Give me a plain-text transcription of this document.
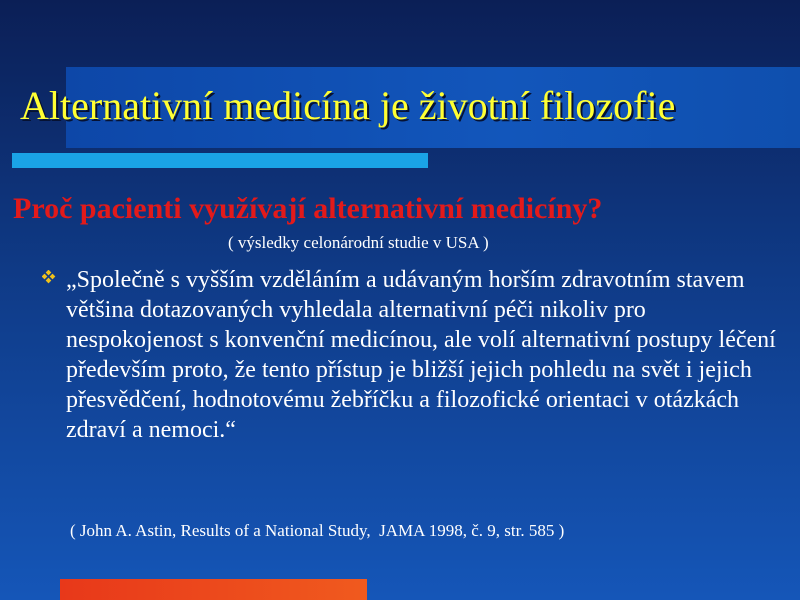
Alternativní medicína je životní filozofie
Proč pacienti využívají alternativní medicíny?
( výsledky celonárodní studie v USA )

„Společně s vyšším vzděláním a udávaným horším zdravotním stavem většina dotazovaných vyhledala alternativní péči nikoliv pro nespokojenost s konvenční medicínou, ale volí alternativní postupy léčení především proto, že tento přístup je bližší jejich pohledu na svět i jejich přesvědčení, hodnotovému žebříčku a filozofické orientaci v otázkách zdraví a nemoci.“

( John A. Astin, Results of a National Study,  JAMA 1998, č. 9, str. 585 )
